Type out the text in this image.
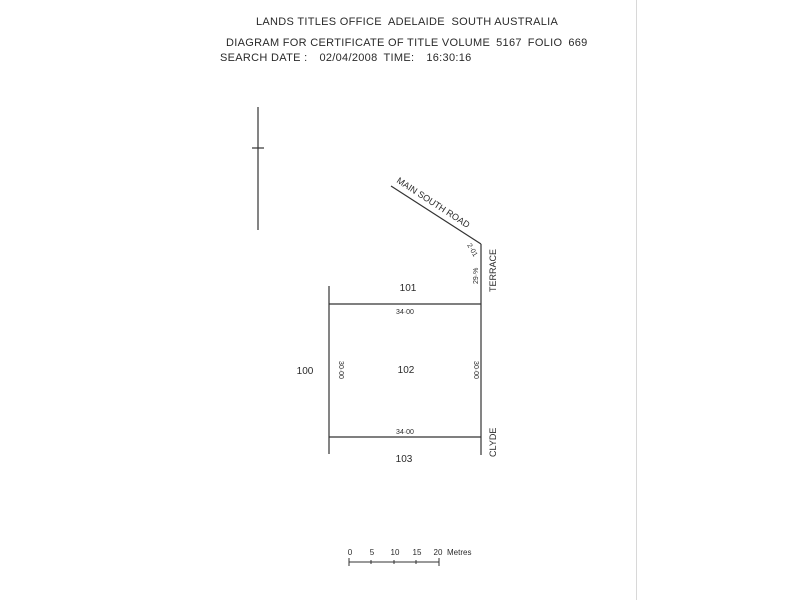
LANDS TITLES OFFICE  ADELAIDE  SOUTH AUSTRALIA
DIAGRAM FOR CERTIFICATE OF TITLE VOLUME 5167 FOLIO 669
SEARCH DATE : 02/04/2008 TIME: 16:30:16
MAIN SOUTH ROAD
2·01
29·% TERRACE
CLYDE
34·00
34·00
30·00	30·00
101
102
100
103
0 5 10 15 20 Metres
